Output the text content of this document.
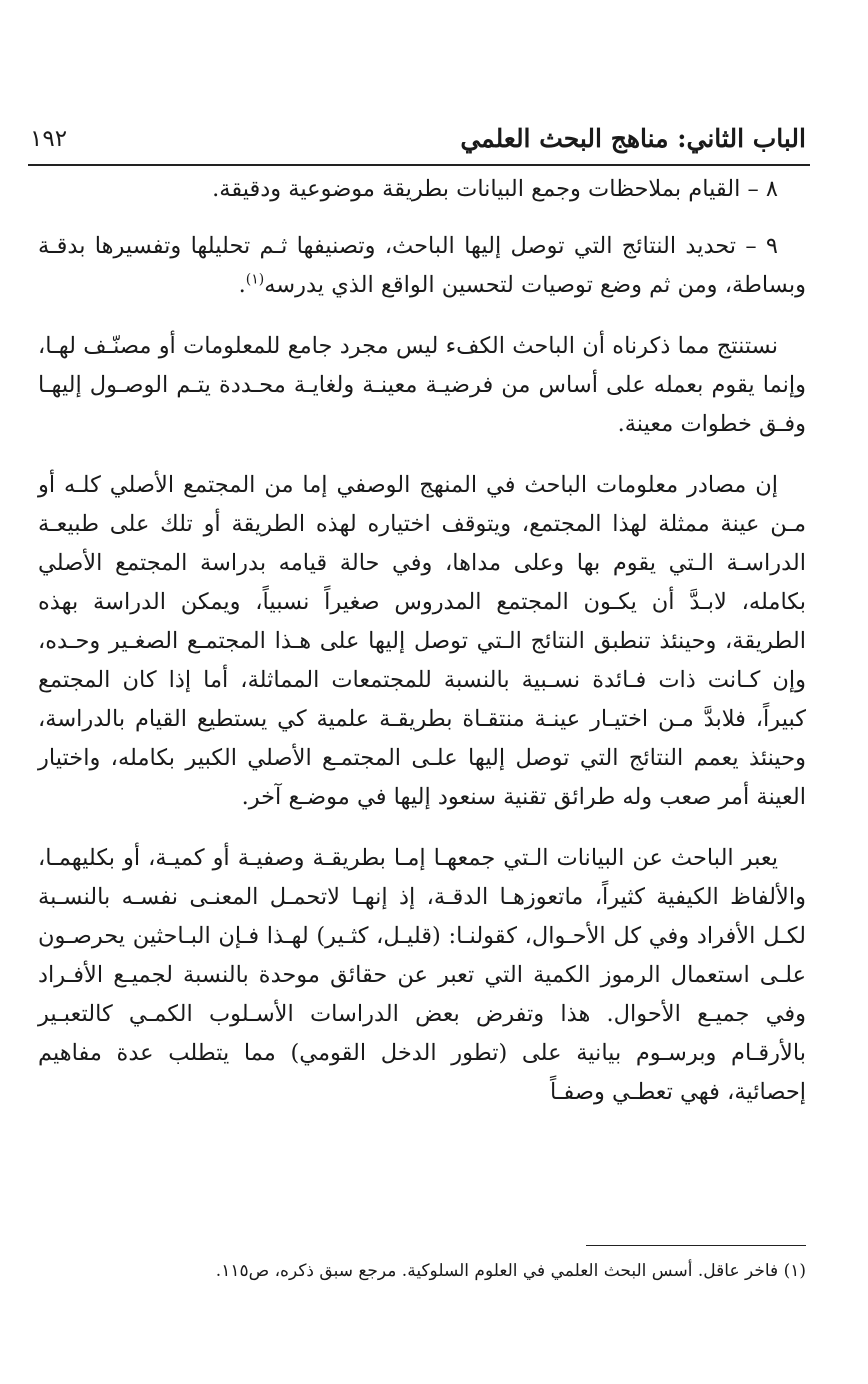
الباب الثاني: مناهج البحث العلمي
١٩٢

٨ – القيام بملاحظات وجمع البيانات بطريقة موضوعية ودقيقة.

٩ – تحديد النتائج التي توصل إليها الباحث، وتصنيفها ثـم تحليلها وتفسيرها بدقـة وبساطة، ومن ثم وضع توصيات لتحسين الواقع الذي يدرسه$^{(١)}$.

نستنتج مما ذكرناه أن الباحث الكفء ليس مجرد جامع للمعلومات أو مصنّـف لهـا، وإنما يقوم بعمله على أساس من فرضيـة معينـة ولغايـة محـددة يتـم الوصـول إليهـا وفـق خطوات معينة.

إن مصادر معلومات الباحث في المنهج الوصفي إما من المجتمع الأصلي كلـه أو مـن عينة ممثلة لهذا المجتمع، ويتوقف اختياره لهذه الطريقة أو تلك على طبيعـة الدراسـة الـتي يقوم بها وعلى مداها، وفي حالة قيامه بدراسة المجتمع الأصلي بكامله، لابـدَّ أن يكـون المجتمع المدروس صغيراً نسبياً، ويمكن الدراسة بهذه الطريقة، وحينئذ تنطبق النتائج الـتي توصل إليها على هـذا المجتمـع الصغـير وحـده، وإن كـانت ذات فـائدة نسـبية بالنسبة للمجتمعات المماثلة، أما إذا كان المجتمع كبيراً، فلابدَّ مـن اختيـار عينـة منتقـاة بطريقـة علمية كي يستطيع القيام بالدراسة، وحينئذ يعمم النتائج التي توصل إليها علـى المجتمـع الأصلي الكبير بكامله، واختيار العينة أمر صعب وله طرائق تقنية سنعود إليها في موضـع آخر.

يعبر الباحث عن البيانات الـتي جمعهـا إمـا بطريقـة وصفيـة أو كميـة، أو بكليهمـا، والألفاظ الكيفية كثيراً، ماتعوزهـا الدقـة، إذ إنهـا لاتحمـل المعنـى نفسـه بالنسـبة لكـل الأفراد وفي كل الأحـوال، كقولنـا: (قليـل، كثـير) لهـذا فـإن البـاحثين يحرصـون علـى استعمال الرموز الكمية التي تعبر عن حقائق موحدة بالنسبة لجميـع الأفـراد وفي جميـع الأحوال. هذا وتفرض بعض الدراسات الأسـلوب الكمـي كالتعبـير بالأرقـام وبرسـوم بيانية على (تطور الدخل القومي) مما يتطلب عدة مفاهيم إحصائية، فهي تعطـي وصفـاً

(١) فاخر عاقل. أسس البحث العلمي في العلوم السلوكية. مرجع سبق ذكره، ص١١٥.
